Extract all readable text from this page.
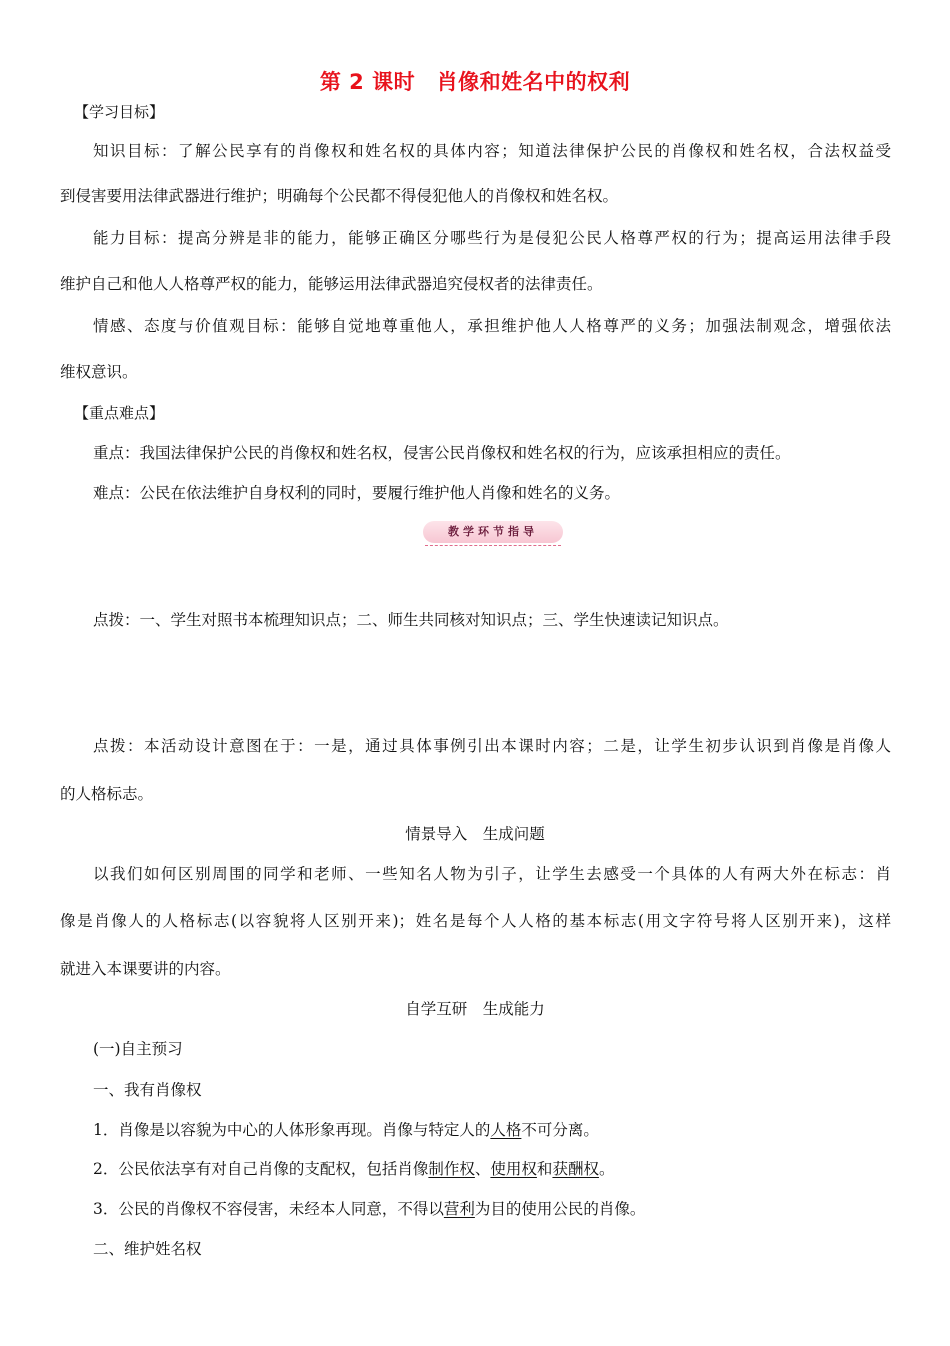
第 2 课时　肖像和姓名中的权利
【学习目标】
知识目标：了解公民享有的肖像权和姓名权的具体内容；知道法律保护公民的肖像权和姓名权，合法权益受
到侵害要用法律武器进行维护；明确每个公民都不得侵犯他人的肖像权和姓名权。
能力目标：提高分辨是非的能力，能够正确区分哪些行为是侵犯公民人格尊严权的行为；提高运用法律手段
维护自己和他人人格尊严权的能力，能够运用法律武器追究侵权者的法律责任。
情感、态度与价值观目标：能够自觉地尊重他人，承担维护他人人格尊严的义务；加强法制观念，增强依法
维权意识。
【重点难点】
重点：我国法律保护公民的肖像权和姓名权，侵害公民肖像权和姓名权的行为，应该承担相应的责任。
难点：公民在依法维护自身权利的同时，要履行维护他人肖像和姓名的义务。
教学环节指导
点拨：一、学生对照书本梳理知识点；二、师生共同核对知识点；三、学生快速读记知识点。
点拨：本活动设计意图在于：一是，通过具体事例引出本课时内容；二是，让学生初步认识到肖像是肖像人
的人格标志。
情景导入　生成问题
以我们如何区别周围的同学和老师、一些知名人物为引子，让学生去感受一个具体的人有两大外在标志：肖
像是肖像人的人格标志(以容貌将人区别开来)；姓名是每个人人格的基本标志(用文字符号将人区别开来)，这样
就进入本课要讲的内容。
自学互研　生成能力
(一)自主预习
一、我有肖像权
1．肖像是以容貌为中心的人体形象再现。肖像与特定人的人格不可分离。
2．公民依法享有对自己肖像的支配权，包括肖像制作权、使用权和获酬权。
3．公民的肖像权不容侵害，未经本人同意，不得以营利为目的使用公民的肖像。
二、维护姓名权
